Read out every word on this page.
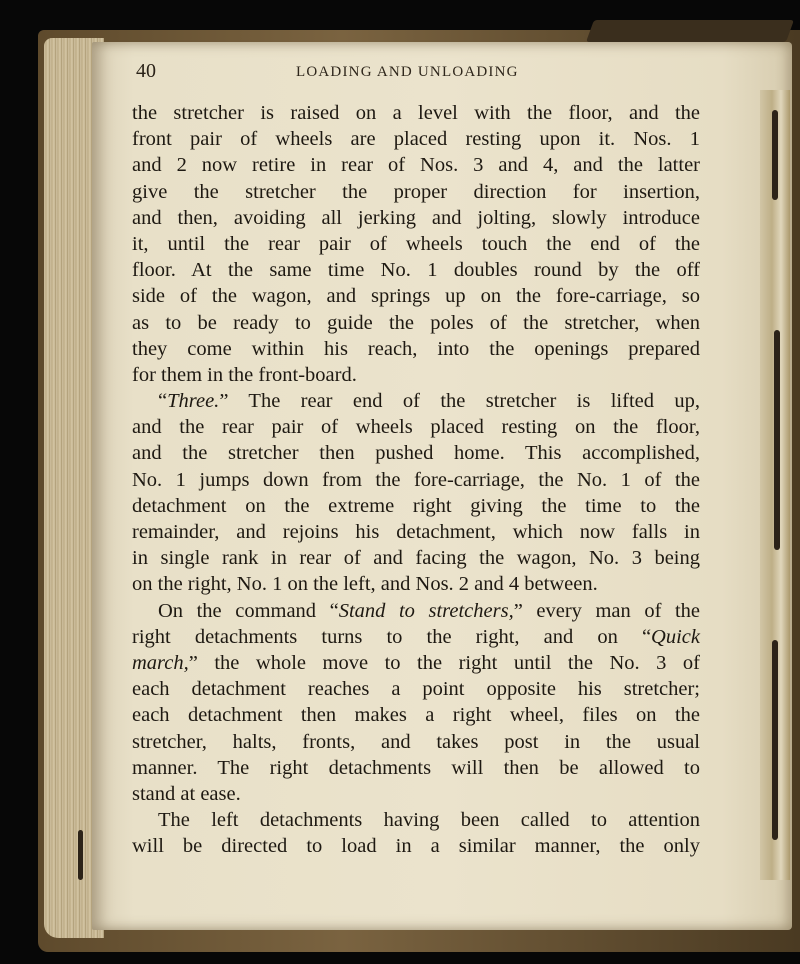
40	LOADING AND UNLOADING
the stretcher is raised on a level with the floor, and the
front pair of wheels are placed resting upon it. Nos. 1
and 2 now retire in rear of Nos. 3 and 4, and the latter
give the stretcher the proper direction for insertion,
and then, avoiding all jerking and jolting, slowly introduce
it, until the rear pair of wheels touch the end of the
floor. At the same time No. 1 doubles round by the off
side of the wagon, and springs up on the fore-carriage, so
as to be ready to guide the poles of the stretcher, when
they come within his reach, into the openings prepared
for them in the front-board.
“Three.” The rear end of the stretcher is lifted up,
and the rear pair of wheels placed resting on the floor,
and the stretcher then pushed home. This accomplished,
No. 1 jumps down from the fore-carriage, the No. 1 of the
detachment on the extreme right giving the time to the
remainder, and rejoins his detachment, which now falls in
in single rank in rear of and facing the wagon, No. 3 being
on the right, No. 1 on the left, and Nos. 2 and 4 between.
On the command “Stand to stretchers,” every man of the
right detachments turns to the right, and on “Quick
march,” the whole move to the right until the No. 3 of
each detachment reaches a point opposite his stretcher;
each detachment then makes a right wheel, files on the
stretcher, halts, fronts, and takes post in the usual
manner. The right detachments will then be allowed to
stand at ease.
The left detachments having been called to attention
will be directed to load in a similar manner, the only
